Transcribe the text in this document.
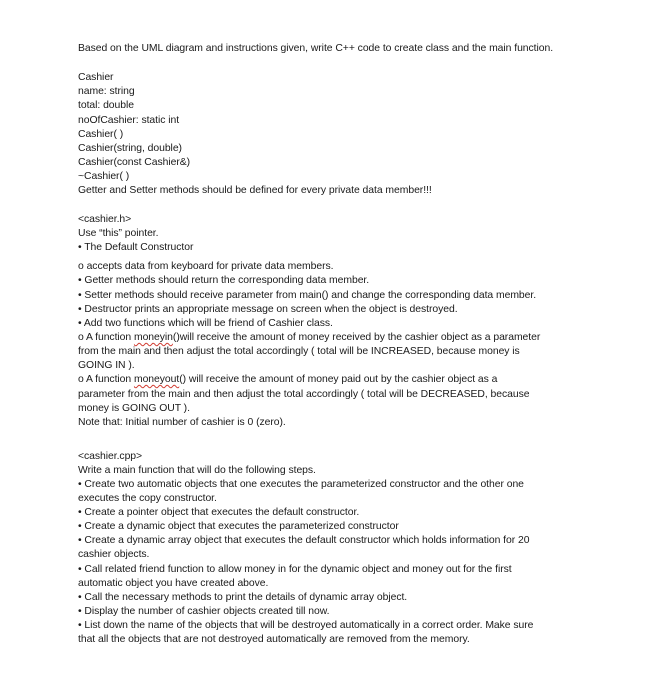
Based on the UML diagram and instructions given, write C++ code to create class and the main function.
Cashier
name: string
total: double
noOfCashier: static int
Cashier( )
Cashier(string, double)
Cashier(const Cashier&)
~Cashier( )
Getter and Setter methods should be defined for every private data member!!!
<cashier.h>
Use “this” pointer.
• The Default Constructor
o accepts data from keyboard for private data members.
• Getter methods should return the corresponding data member.
• Setter methods should receive parameter from main() and change the corresponding data member.
• Destructor prints an appropriate message on screen when the object is destroyed.
• Add two functions which will be friend of Cashier class.
o A function moneyin()will receive the amount of money received by the cashier object as a parameter
from the main and then adjust the total accordingly ( total will be INCREASED, because money is
GOING IN ).
o A function moneyout() will receive the amount of money paid out by the cashier object as a
parameter from the main and then adjust the total accordingly ( total will be DECREASED, because
money is GOING OUT ).
Note that: Initial number of cashier is 0 (zero).
<cashier.cpp>
Write a main function that will do the following steps.
• Create two automatic objects that one executes the parameterized constructor and the other one
executes the copy constructor.
• Create a pointer object that executes the default constructor.
• Create a dynamic object that executes the parameterized constructor
• Create a dynamic array object that executes the default constructor which holds information for 20
cashier objects.
• Call related friend function to allow money in for the dynamic object and money out for the first
automatic object you have created above.
• Call the necessary methods to print the details of dynamic array object.
• Display the number of cashier objects created till now.
• List down the name of the objects that will be destroyed automatically in a correct order. Make sure
that all the objects that are not destroyed automatically are removed from the memory.
